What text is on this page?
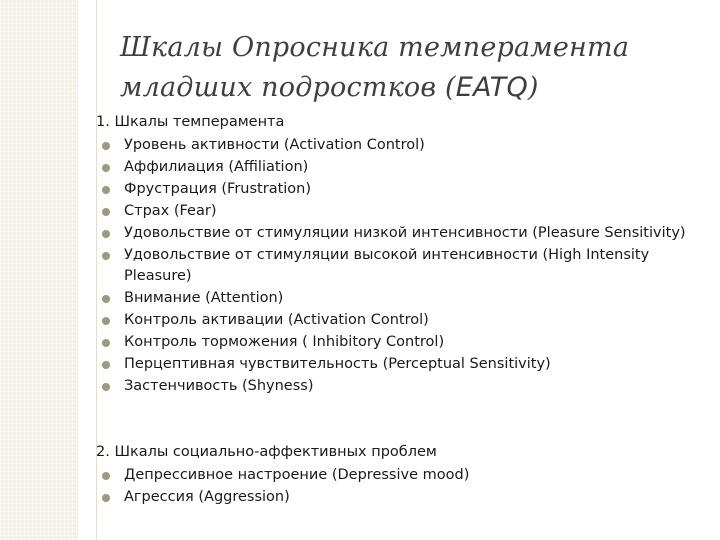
Шкалы Опросника темперамента
младших подростков (EATQ)
1. Шкалы темперамента
Уровень активности (Activation Control)
Аффилиация (Affiliation)
Фрустрация (Frustration)
Страх (Fear)
Удовольствие от стимуляции низкой интенсивности (Pleasure Sensitivity)
Удовольствие от стимуляции высокой интенсивности (High Intensity Pleasure)
Внимание (Attention)
Контроль активации (Activation Control)
Контроль торможения ( Inhibitory Control)
Перцептивная чувствительность (Perceptual Sensitivity)
Застенчивость (Shyness)
2. Шкалы социально-аффективных проблем
Депрессивное настроение (Depressive mood)
Агрессия (Aggression)
